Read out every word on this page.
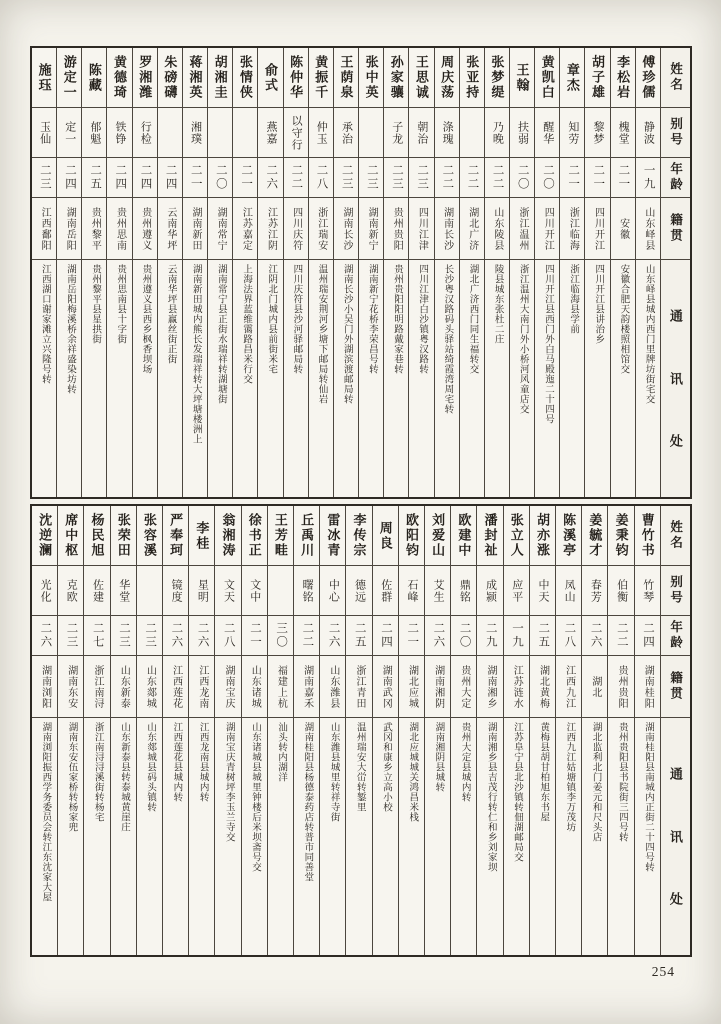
施珏
玉仙
二三
江西鄱阳
江西湖口谢家滩立兴隆号转
游定一
定一
二四
湖南岳阳
湖南岳阳梅溪桥余祥盛染坊转
陈藏
郁魁
二五
贵州黎平
贵州黎平县星拱街
黄德琦
铁铮
二四
贵州思南
贵州思南县十字街
罗湘潍
行检
二四
贵州遵义
贵州遵义县西乡枫香坝场
朱磅礴
二四
云南华坪
云南华坪县赢丝街正街
蒋湘英
湘璞
二一
湖南新田
湖南新田城内熊长发瑞祥转大坪塘楼洲上
胡湘圭
二〇
湖南常宁
湖南常宁县正街水瑞祥转湖塘街
张情侠
二一
江苏嘉定
上海法界蓝维霭路昌米行交
俞式
燕嘉
二六
江苏江阴
江阴北门城内县前街米宅
陈仲华
以守行
二二
四川庆符
四川庆符县沙河驿邮局转
黄振千
仲玉
二八
浙江瑞安
温州瑞安荆河乡塘下邮局转仙岩
王荫泉
承治
二三
湖南长沙
湖南长沙小吴门外湖滨渡邮局转
张中英
二三
湖南新宁
湖南新宁花桥李荣昌号转
孙家骧
子龙
二三
贵州贵阳
贵州贵阳阳明路戴家巷转
王思诚
朝治
二三
四川江津
四川江津白沙镇粤汉路转
周庆荡
涤瑰
二二
湖南长沙
长沙粤汉路码头驿站绮霞湾周宅转
张亚持
二二
湖北广济
湖北广济西门同生福转交
张梦缇
乃晚
二二
山东陵县
陵县城东张杜二庄
王翰
扶弱
二〇
浙江温州
浙江温州大南门外小桥河风童店交
黄凯白
醒华
二〇
四川开江
四川开江县西门外白马殿迤二十四号
章杰
知劳
二一
浙江临海
浙江临海县学前
胡子雄
黎梦
二一
四川开江
四川开江县讲治乡
李松岩
槐堂
二一
安徽
安徽合肥天韵楼照相馆交
傅珍儒
静波
一九
山东峄县
山东峄县城内西门里牌坊街宅交
姓名
别号
年龄
籍贯
通
讯
处
沈逆澜
光化
二六
湖南浏阳
湖南浏阳振西学务委员会转江东沈家大屋
席中枢
克欧
二三
湖南东安
湖南东安伍家桥转杨家兜
杨民旭
佐建
二七
浙江南浔
浙江南浔浔溪街转杨宅
张荣田
华堂
二三
山东新泰
山东新泰县转泰城黄崖庄
张容溪
二三
山东郯城
山东郯城县码头镇转
严奉珂
镜度
二六
江西莲花
江西莲花县城内转
李桂
星明
二六
江西龙南
江西龙南县城内转
翁湘涛
文天
二八
湖南宝庆
湖南宝庆青树坪李玉兰寺交
徐书正
文中
二一
山东诸城
山东诸城县城里钟楼后米坝斋号交
王芳畦
三〇
福建上杭
汕头转内湖洋
丘禹川
曙铭
二二
湖南嘉禾
湖南桂阳县杨德泰药店转普市同善堂
雷冰青
中心
二六
山东潍县
山东潍县城里转祥寺街
李传宗
德远
二五
浙江青田
温州瑞安大峃转錾里
周良
佐群
二四
湖南武冈
武冈和康乡立高小校
欧阳钧
石峰
二一
湖北应城
湖北应城城关鸿昌米栈
刘爱山
艾生
二六
湖南湘阴
湖南湘阴县城转
欧建中
鼎铭
二〇
贵州大定
贵州大定县城内转
潘封祉
成颍
二九
湖南湘乡
湖南湘乡县吉茂行转仁和乡刘家坝
张立人
应平
一九
江苏涟水
江苏阜宁县北沙镇转佃湖邮局交
胡亦涨
中天
二五
湖北黄梅
黄梅县胡甘柏旭东书屋
陈溪亭
凤山
二八
江西九江
江西九江姑塘镇李万茂坊
姜毓才
春芳
二六
湖北
湖北监利北门姜元和尺头店
姜秉钧
伯衡
二二
贵州贵阳
贵州贵阳县书院街三四号转
曹竹书
竹琴
二四
湖南桂阳
湖南桂阳县南城内正街二十四号转
姓名
别号
年龄
籍贯
通
讯
处
254
